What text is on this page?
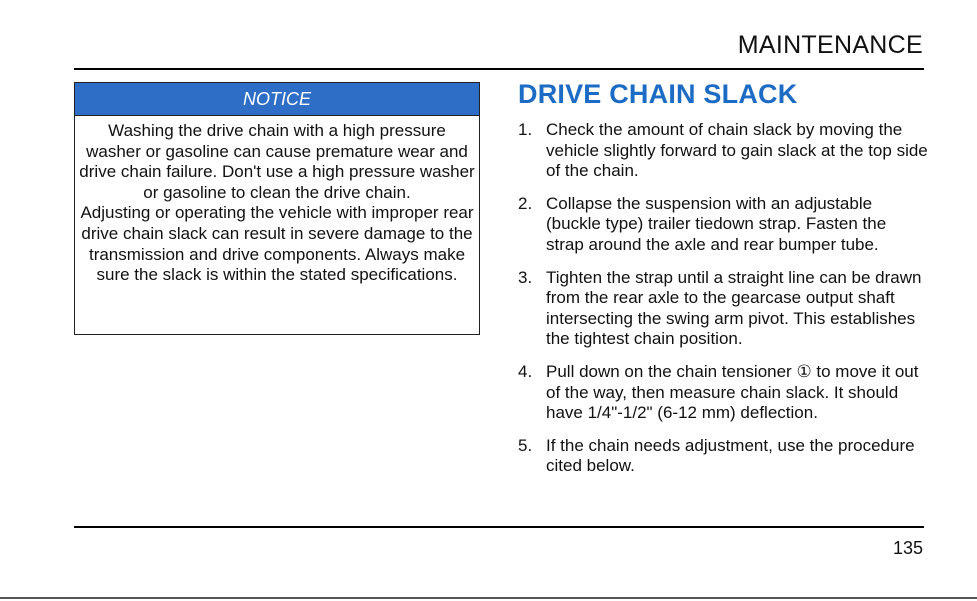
MAINTENANCE
NOTICE

Washing the drive chain with a high pressure washer or gasoline can cause premature wear and drive chain failure. Don't use a high pressure washer or gasoline to clean the drive chain.

Adjusting or operating the vehicle with improper rear drive chain slack can result in severe damage to the transmission and drive components. Always make sure the slack is within the stated specifications.

DRIVE CHAIN SLACK
1. Check the amount of chain slack by moving the vehicle slightly forward to gain slack at the top side of the chain.
2. Collapse the suspension with an adjustable (buckle type) trailer tiedown strap. Fasten the strap around the axle and rear bumper tube.
3. Tighten the strap until a straight line can be drawn from the rear axle to the gearcase output shaft intersecting the swing arm pivot. This establishes the tightest chain position.
4. Pull down on the chain tensioner ① to move it out of the way, then measure chain slack. It should have 1/4"-1/2" (6-12 mm) deflection.
5. If the chain needs adjustment, use the procedure cited below.
135
